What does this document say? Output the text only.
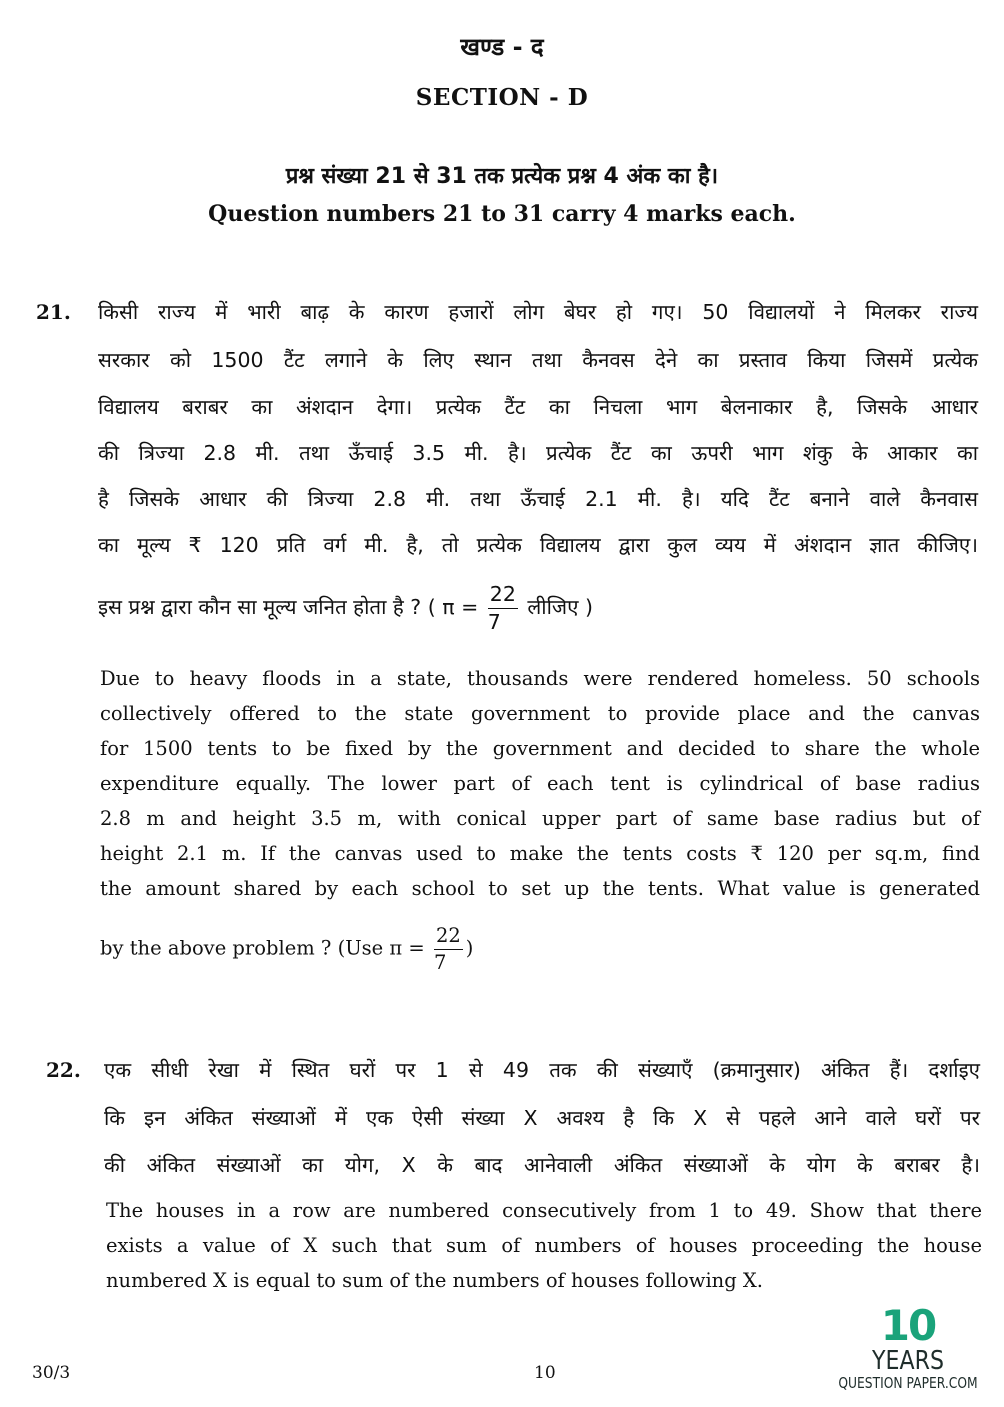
खण्ड - द
SECTION - D
प्रश्न संख्या 21 से 31 तक प्रत्येक प्रश्न 4 अंक का है।
Question numbers 21 to 31 carry 4 marks each.
21. किसी राज्य में भारी बाढ़ के कारण हजारों लोग बेघर हो गए। 50 विद्यालयों ने मिलकर राज्य
सरकार को 1500 टैंट लगाने के लिए स्थान तथा कैनवस देने का प्रस्ताव किया जिसमें प्रत्येक
विद्यालय बराबर का अंशदान देगा। प्रत्येक टैंट का निचला भाग बेलनाकार है, जिसके आधार
की त्रिज्या 2.8 मी. तथा ऊँचाई 3.5 मी. है। प्रत्येक टैंट का ऊपरी भाग शंकु के आकार का
है जिसके आधार की त्रिज्या 2.8 मी. तथा ऊँचाई 2.1 मी. है। यदि टैंट बनाने वाले कैनवास
का मूल्य ₹ 120 प्रति वर्ग मी. है, तो प्रत्येक विद्यालय द्वारा कुल व्यय में अंशदान ज्ञात कीजिए।
इस प्रश्न द्वारा कौन सा मूल्य जनित होता है ? ( $\pi = \frac{22}{7}$ लीजिए )
Due to heavy floods in a state, thousands were rendered homeless. 50 schools
collectively offered to the state government to provide place and the canvas
for 1500 tents to be fixed by the government and decided to share the whole
expenditure equally. The lower part of each tent is cylindrical of base radius
2.8 m and height 3.5 m, with conical upper part of same base radius but of
height 2.1 m. If the canvas used to make the tents costs ₹ 120 per sq.m, find
the amount shared by each school to set up the tents. What value is generated
by the above problem ? (Use $\pi = \frac{22}{7}$ )
22. एक सीधी रेखा में स्थित घरों पर 1 से 49 तक की संख्याएँ (क्रमानुसार) अंकित हैं। दर्शाइए
कि इन अंकित संख्याओं में एक ऐसी संख्या X अवश्य है कि X से पहले आने वाले घरों पर
की अंकित संख्याओं का योग, X के बाद आनेवाली अंकित संख्याओं के योग के बराबर है।
The houses in a row are numbered consecutively from 1 to 49. Show that there
exists a value of X such that sum of numbers of houses proceeding the house
numbered X is equal to sum of the numbers of houses following X.
30/3	10
10
YEARS
QUESTION PAPER.COM
